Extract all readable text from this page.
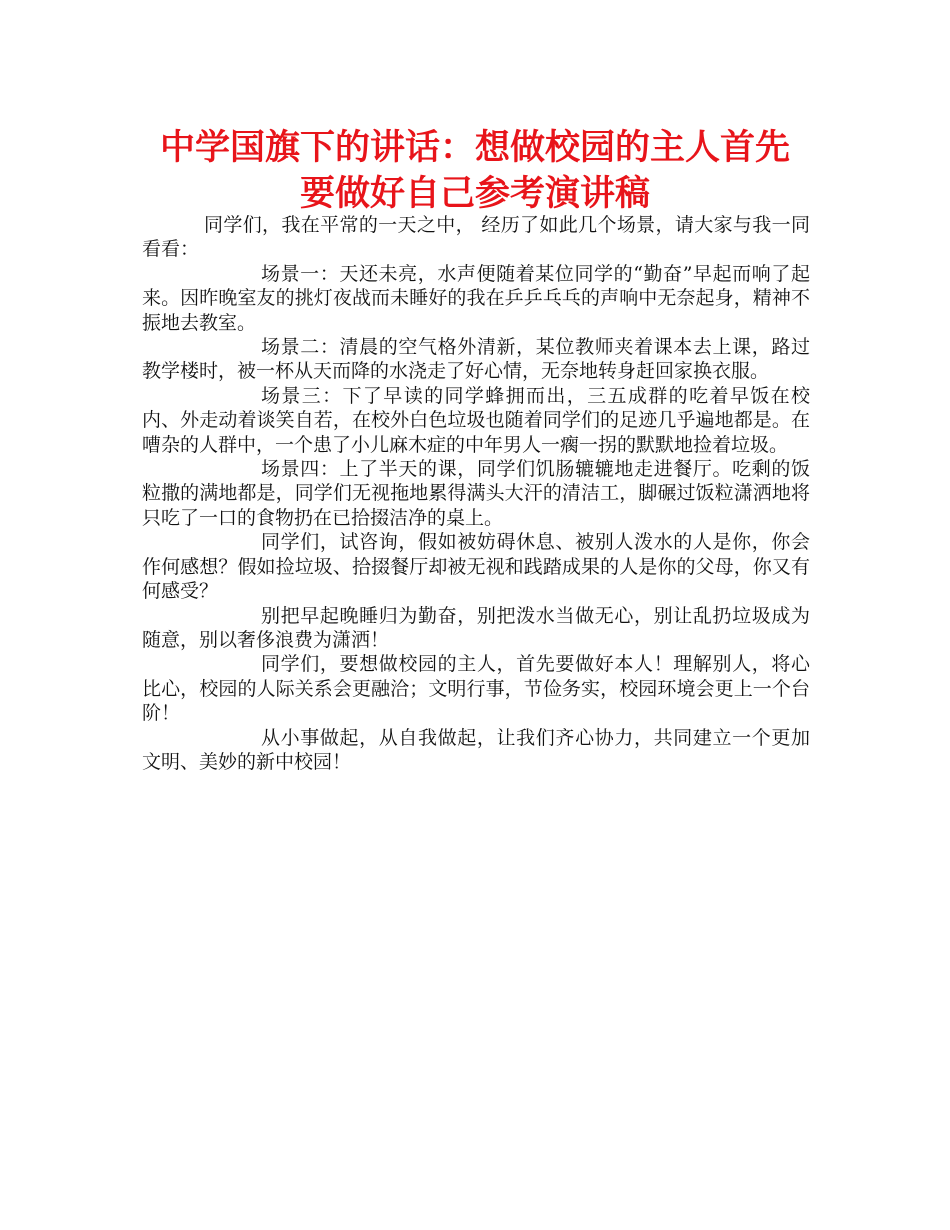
中学国旗下的讲话：想做校园的主人首先
要做好自己参考演讲稿

同学们，我在平常的一天之中， 经历了如此几个场景，请大家与我一同看看：

场景一：天还未亮，水声便随着某位同学的“勤奋”早起而响了起来。因昨晚室友的挑灯夜战而未睡好的我在乒乒乓乓的声响中无奈起身，精神不振地去教室。

场景二：清晨的空气格外清新，某位教师夹着课本去上课，路过教学楼时，被一杯从天而降的水浇走了好心情，无奈地转身赶回家换衣服。

场景三：下了早读的同学蜂拥而出，三五成群的吃着早饭在校内、外走动着谈笑自若，在校外白色垃圾也随着同学们的足迹几乎遍地都是。在嘈杂的人群中，一个患了小儿麻木症的中年男人一瘸一拐的默默地捡着垃圾。

场景四：上了半天的课，同学们饥肠辘辘地走进餐厅。吃剩的饭粒撒的满地都是，同学们无视拖地累得满头大汗的清洁工，脚碾过饭粒潇洒地将只吃了一口的食物扔在已拾掇洁净的桌上。

同学们，试咨询，假如被妨碍休息、被别人泼水的人是你，你会作何感想？假如捡垃圾、拾掇餐厅却被无视和践踏成果的人是你的父母，你又有何感受？

别把早起晚睡归为勤奋，别把泼水当做无心，别让乱扔垃圾成为随意，别以奢侈浪费为潇洒！

同学们，要想做校园的主人，首先要做好本人！理解别人，将心比心，校园的人际关系会更融洽；文明行事，节俭务实，校园环境会更上一个台阶！

从小事做起，从自我做起，让我们齐心协力，共同建立一个更加文明、美妙的新中校园！
